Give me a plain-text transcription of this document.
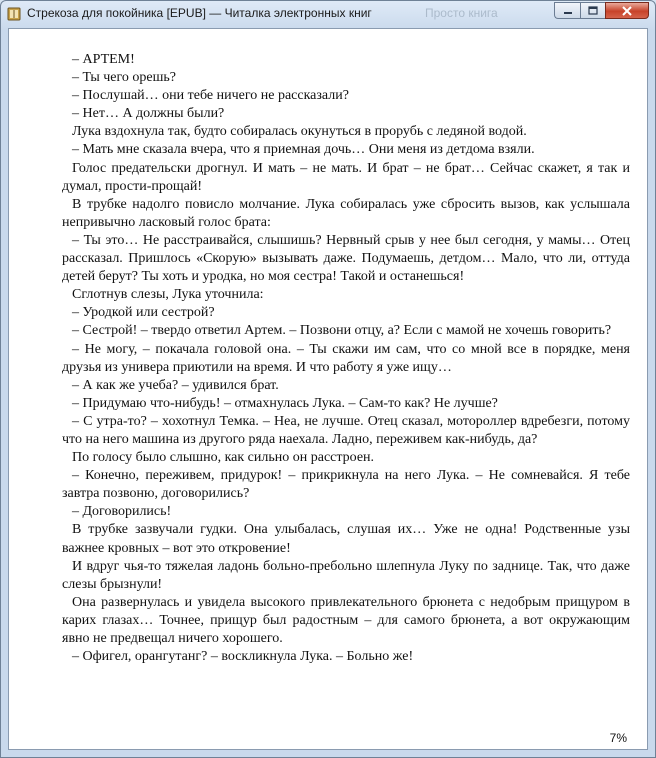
Стрекоза для покойника [EPUB] — Читалка электронных книг	Просто книга

– АРТЕМ!

– Ты чего орешь?

– Послушай… они тебе ничего не рассказали?

– Нет… А должны были?

Лука вздохнула так, будто собиралась окунуться в прорубь с ледяной водой.

– Мать мне сказала вчера, что я приемная дочь… Они меня из детдома взяли.

Голос предательски дрогнул. И мать – не мать. И брат – не брат… Сейчас скажет, я так и думал, прости-прощай!

В трубке надолго повисло молчание. Лука собиралась уже сбросить вызов, как услышала непривычно ласковый голос брата:

– Ты это… Не расстраивайся, слышишь? Нервный срыв у нее был сегодня, у мамы… Отец рассказал. Пришлось «Скорую» вызывать даже. Подумаешь, детдом… Мало, что ли, оттуда детей берут? Ты хоть и уродка, но моя сестра! Такой и останешься!

Сглотнув слезы, Лука уточнила:

– Уродкой или сестрой?

– Сестрой! – твердо ответил Артем. – Позвони отцу, а? Если с мамой не хочешь говорить?

– Не могу, – покачала головой она. – Ты скажи им сам, что со мной все в порядке, меня друзья из универа приютили на время. И что работу я уже ищу…

– А как же учеба? – удивился брат.

– Придумаю что-нибудь! – отмахнулась Лука. – Сам-то как? Не лучше?

– С утра-то? – хохотнул Темка. – Неа, не лучше. Отец сказал, мотороллер вдребезги, потому что на него машина из другого ряда наехала. Ладно, переживем как-нибудь, да?

По голосу было слышно, как сильно он расстроен.

– Конечно, переживем, придурок! – прикрикнула на него Лука. – Не сомневайся. Я тебе завтра позвоню, договорились?

– Договорились!

В трубке зазвучали гудки. Она улыбалась, слушая их… Уже не одна! Родственные узы важнее кровных – вот это откровение!

И вдруг чья-то тяжелая ладонь больно-пребольно шлепнула Луку по заднице. Так, что даже слезы брызнули!

Она развернулась и увидела высокого привлекательного брюнета с недобрым прищуром в карих глазах… Точнее, прищур был радостным – для самого брюнета, а вот окружающим явно не предвещал ничего хорошего.

– Офигел, орангутанг? – воскликнула Лука. – Больно же!

7%
